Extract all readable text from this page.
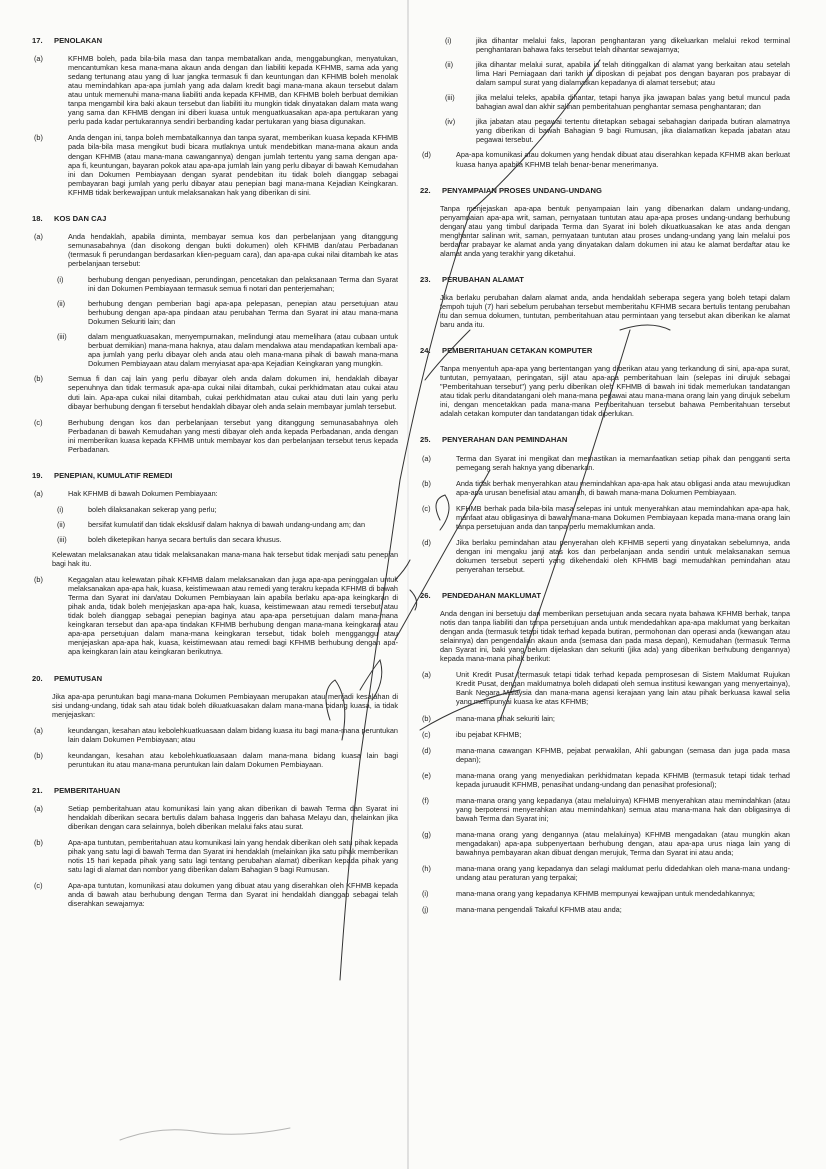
17.	PENOLAKAN
(a)	KFHMB boleh, pada bila-bila masa dan tanpa membatalkan anda, menggabungkan, menyatukan, mencantumkan kesa mana-mana akaun anda dengan dan liabiliti kepada KFHMB, sama ada yang sedang tertunang atau yang di luar jangka termasuk fi dan keuntungan dan KFHMB boleh menolak atau memindahkan apa-apa jumlah yang ada dalam kredit bagi mana-mana akaun tersebut dalam atau untuk memenuhi mana-mana liabiliti anda kepada KFHMB, dan KFHMB boleh berbuat demikian tanpa mengambil kira baki akaun tersebut dan liabiliti itu mungkin tidak dinyatakan dalam mata wang yang sama dan KFHMB dengan ini diberi kuasa untuk menguatkuasakan apa-apa pertukaran yang perlu pada kadar pertukarannya sendiri berbanding kadar pertukaran yang biasa digunakan.
(b)	Anda dengan ini, tanpa boleh membatalkannya dan tanpa syarat, memberikan kuasa kepada KFHMB pada bila-bila masa mengikut budi bicara mutlaknya untuk mendebitkan mana-mana akaun anda dengan KFHMB (atau mana-mana cawangannya) dengan jumlah tertentu yang sama dengan apa-apa fi, keuntungan, bayaran pokok atau apa-apa jumlah lain yang perlu dibayar di bawah Kemudahan ini dan Dokumen Pembiayaan dengan syarat pendebitan itu tidak boleh dianggap sebagai pembayaran bagi jumlah yang perlu dibayar atau penepian bagi mana-mana Kejadian Keingkaran. KFHMB tidak berkewajipan untuk melaksanakan hak yang diberikan di sini.
18.	KOS DAN CAJ
(a)	Anda hendaklah, apabila diminta, membayar semua kos dan perbelanjaan yang ditanggung semunasabahnya (dan disokong dengan bukti dokumen) oleh KFHMB dan/atau Perbadanan (termasuk fi perundangan berdasarkan klien-peguam cara), dan apa-apa cukai nilai ditambah ke atas perbelanjaan tersebut:
(i)	berhubung dengan penyediaan, perundingan, pencetakan dan pelaksanaan Terma dan Syarat ini dan Dokumen Pembiayaan termasuk semua fi notari dan penterjemahan;
(ii)	berhubung dengan pemberian bagi apa-apa pelepasan, penepian atau persetujuan atau berhubung dengan apa-apa pindaan atau perubahan Terma dan Syarat ini atau mana-mana Dokumen Sekuriti lain; dan
(iii)	dalam menguatkuasakan, menyempurnakan, melindungi atau memelihara (atau cubaan untuk berbuat demikian) mana-mana haknya, atau dalam mendakwa atau mendapatkan kembali apa-apa jumlah yang perlu dibayar oleh anda atau oleh mana-mana pihak di bawah mana-mana Dokumen Pembiayaan atau dalam menyiasat apa-apa Kejadian Keingkaran yang mungkin.
(b)	Semua fi dan caj lain yang perlu dibayar oleh anda dalam dokumen ini, hendaklah dibayar sepenuhnya dan tidak termasuk apa-apa cukai nilai ditambah, cukai perkhidmatan atau cukai atau duti lain. Apa-apa cukai nilai ditambah, cukai perkhidmatan atau cukai atau duti lain yang perlu dibayar berhubung dengan fi tersebut hendaklah dibayar oleh anda selain membayar jumlah tersebut.
(c)	Berhubung dengan kos dan perbelanjaan tersebut yang ditanggung semunasabahnya oleh Perbadanan di bawah Kemudahan yang mesti dibayar oleh anda kepada Perbadanan, anda dengan ini memberikan kuasa kepada KFHMB untuk membayar kos dan perbelanjaan tersebut terus kepada Perbadanan.
19.	PENEPIAN, KUMULATIF REMEDI
(a)	Hak KFHMB di bawah Dokumen Pembiayaan:
(i)	boleh dilaksanakan sekerap yang perlu;
(ii)	bersifat kumulatif dan tidak eksklusif dalam haknya di bawah undang-undang am; dan
(iii)	boleh diketepikan hanya secara bertulis dan secara khusus.
Kelewatan melaksanakan atau tidak melaksanakan mana-mana hak tersebut tidak menjadi satu penepian bagi hak itu.
(b)	Kegagalan atau kelewatan pihak KFHMB dalam melaksanakan dan juga apa-apa peninggalan untuk melaksanakan apa-apa hak, kuasa, keistimewaan atau remedi yang terakru kepada KFHMB di bawah Terma dan Syarat ini dan/atau Dokumen Pembiayaan lain apabila berlaku apa-apa keingkaran di pihak anda, tidak boleh menjejaskan apa-apa hak, kuasa, keistimewaan atau remedi tersebut atau tidak boleh dianggap sebagai penepian baginya atau apa-apa persetujuan dalam mana-mana keingkaran tersebut dan apa-apa tindakan KFHMB berhubung dengan mana-mana keingkaran atau apa-apa persetujuan dalam mana-mana keingkaran tersebut, tidak boleh mengganggu atau menjejaskan apa-apa hak, kuasa, keistimewaan atau remedi bagi KFHMB berhubung dengan apa-apa keingkaran lain atau keingkaran berikutnya.
20.	PEMUTUSAN
Jika apa-apa peruntukan bagi mana-mana Dokumen Pembiayaan merupakan atau menjadi kesalahan di sisi undang-undang, tidak sah atau tidak boleh dikuatkuasakan dalam mana-mana bidang kuasa, ia tidak menjejaskan:
(a)	keundangan, kesahan atau kebolehkuatkuasaan dalam bidang kuasa itu bagi mana-mana peruntukan lain dalam Dokumen Pembiayaan; atau
(b)	keundangan, kesahan atau kebolehkuatkuasaan dalam mana-mana bidang kuasa lain bagi peruntukan itu atau mana-mana peruntukan lain dalam Dokumen Pembiayaan.
21.	PEMBERITAHUAN
(a)	Setiap pemberitahuan atau komunikasi lain yang akan diberikan di bawah Terma dan Syarat ini hendaklah diberikan secara bertulis dalam bahasa Inggeris dan bahasa Melayu dan, melainkan jika diberikan dengan cara selainnya, boleh diberikan melalui faks atau surat.
(b)	Apa-apa tuntutan, pemberitahuan atau komunikasi lain yang hendak diberikan oleh satu pihak kepada pihak yang satu lagi di bawah Terma dan Syarat ini hendaklah (melainkan jika satu pihak memberikan notis 15 hari kepada pihak yang satu lagi tentang perubahan alamat) diberikan kepada pihak yang satu lagi di alamat dan nombor yang diberikan dalam Bahagian 9 bagi Rumusan.
(c)	Apa-apa tuntutan, komunikasi atau dokumen yang dibuat atau yang diserahkan oleh KFHMB kepada anda di bawah atau berhubung dengan Terma dan Syarat ini hendaklah dianggap sebagai telah diserahkan sewajarnya:
(i)	jika dihantar melalui faks, laporan penghantaran yang dikeluarkan melalui rekod terminal penghantaran bahawa faks tersebut telah dihantar sewajarnya;
(ii)	jika dihantar melalui surat, apabila ia telah ditinggalkan di alamat yang berkaitan atau setelah lima Hari Perniagaan dari tarikh ia diposkan di pejabat pos dengan bayaran pos prabayar di dalam sampul surat yang dialamatkan kepadanya di alamat tersebut; atau
(iii)	jika melalui teleks, apabila dihantar, tetapi hanya jika jawapan balas yang betul muncul pada bahagian awal dan akhir salinan pemberitahuan penghantar semasa penghantaran; dan
(iv)	jika jabatan atau pegawai tertentu ditetapkan sebagai sebahagian daripada butiran alamatnya yang diberikan di bawah Bahagian 9 bagi Rumusan, jika dialamatkan kepada jabatan atau pegawai tersebut.
(d)	Apa-apa komunikasi atau dokumen yang hendak dibuat atau diserahkan kepada KFHMB akan berkuat kuasa hanya apabila KFHMB telah benar-benar menerimanya.
22.	PENYAMPAIAN PROSES UNDANG-UNDANG
Tanpa menjejaskan apa-apa bentuk penyampaian lain yang dibenarkan dalam undang-undang, penyampaian apa-apa writ, saman, pernyataan tuntutan atau apa-apa proses undang-undang berhubung dengan atau yang timbul daripada Terma dan Syarat ini boleh dikuatkuasakan ke atas anda dengan menghantar salinan writ, saman, pernyataan tuntutan atau proses undang-undang yang lain melalui pos berdaftar prabayar ke alamat anda yang dinyatakan dalam dokumen ini atau ke alamat berdaftar atau ke alamat anda yang terakhir yang diketahui.
23.	PERUBAHAN ALAMAT
Jika berlaku perubahan dalam alamat anda, anda hendaklah seberapa segera yang boleh tetapi dalam tempoh tujuh (7) hari sebelum perubahan tersebut memberitahu KFHMB secara bertulis tentang perubahan itu dan semua dokumen, tuntutan, pemberitahuan atau permintaan yang tersebut akan diberikan ke alamat baru anda itu.
24.	PEMBERITAHUAN CETAKAN KOMPUTER
Tanpa menyentuh apa-apa yang bertentangan yang diberikan atau yang terkandung di sini, apa-apa surat, tuntutan, pernyataan, peringatan, sijil atau apa-apa pemberitahuan lain (selepas ini dirujuk sebagai "Pemberitahuan tersebut") yang perlu diberikan oleh KFHMB di bawah ini tidak memerlukan tandatangan atau tidak perlu ditandatangani oleh mana-mana pegawai atau mana-mana orang lain yang dirujuk sebelum ini, dengan mencetakkan pada mana-mana Pemberitahuan tersebut bahawa Pemberitahuan tersebut adalah cetakan komputer dan tandatangan tidak diperlukan.
25.	PENYERAHAN DAN PEMINDAHAN
(a)	Terma dan Syarat ini mengikat dan memastikan ia memanfaatkan setiap pihak dan pengganti serta pemegang serah haknya yang dibenarkan.
(b)	Anda tidak berhak menyerahkan atau memindahkan apa-apa hak atau obligasi anda atau mewujudkan apa-apa urusan benefisial atau amanah, di bawah mana-mana Dokumen Pembiayaan.
(c)	KFHMB berhak pada bila-bila masa selepas ini untuk menyerahkan atau memindahkan apa-apa hak, manfaat atau obligasinya di bawah mana-mana Dokumen Pembiayaan kepada mana-mana orang lain tanpa persetujuan anda dan tanpa perlu memaklumkan anda.
(d)	Jika berlaku pemindahan atau penyerahan oleh KFHMB seperti yang dinyatakan sebelumnya, anda dengan ini mengaku janji atas kos dan perbelanjaan anda sendiri untuk melaksanakan semua dokumen tersebut seperti yang dikehendaki oleh KFHMB bagi memudahkan pemindahan atau penyerahan tersebut.
26.	PENDEDAHAN MAKLUMAT
Anda dengan ini bersetuju dan memberikan persetujuan anda secara nyata bahawa KFHMB berhak, tanpa notis dan tanpa liabiliti dan tanpa persetujuan anda untuk mendedahkan apa-apa maklumat yang berkaitan dengan anda (termasuk tetapi tidak terhad kepada butiran, permohonan dan operasi anda (kewangan atau selainnya) dan pengendalian akaun anda (semasa dan pada masa depan), Kemudahan (termasuk Terma dan Syarat ini, baki yang belum dijelaskan dan sekuriti (jika ada) yang diberikan berhubung dengannya) kepada mana-mana pihak berikut:
(a)	Unit Kredit Pusat (termasuk tetapi tidak terhad kepada pemprosesan di Sistem Maklumat Rujukan Kredit Pusat, dengan maklumatnya boleh didapati oleh semua institusi kewangan yang menyertainya), Bank Negara Malaysia dan mana-mana agensi kerajaan yang lain atau pihak berkuasa kawal selia yang mempunyai kuasa ke atas KFHMB;
(b)	mana-mana pihak sekuriti lain;
(c)	ibu pejabat KFHMB;
(d)	mana-mana cawangan KFHMB, pejabat perwakilan, Ahli gabungan (semasa dan juga pada masa depan);
(e)	mana-mana orang yang menyediakan perkhidmatan kepada KFHMB (termasuk tetapi tidak terhad kepada juruaudit KFHMB, penasihat undang-undang dan penasihat profesional);
(f)	mana-mana orang yang kepadanya (atau melaluinya) KFHMB menyerahkan atau memindahkan (atau yang berpotensi menyerahkan atau memindahkan) semua atau mana-mana hak dan obligasinya di bawah Terma dan Syarat ini;
(g)	mana-mana orang yang dengannya (atau melaluinya) KFHMB mengadakan (atau mungkin akan mengadakan) apa-apa subpenyertaan berhubung dengan, atau apa-apa urus niaga lain yang di bawahnya pembayaran akan dibuat dengan merujuk, Terma dan Syarat ini atau anda;
(h)	mana-mana orang yang kepadanya dan selagi maklumat perlu didedahkan oleh mana-mana undang-undang atau peraturan yang terpakai;
(i)	mana-mana orang yang kepadanya KFHMB mempunyai kewajipan untuk mendedahkannya;
(j)	mana-mana pengendali Takaful KFHMB atau anda;
